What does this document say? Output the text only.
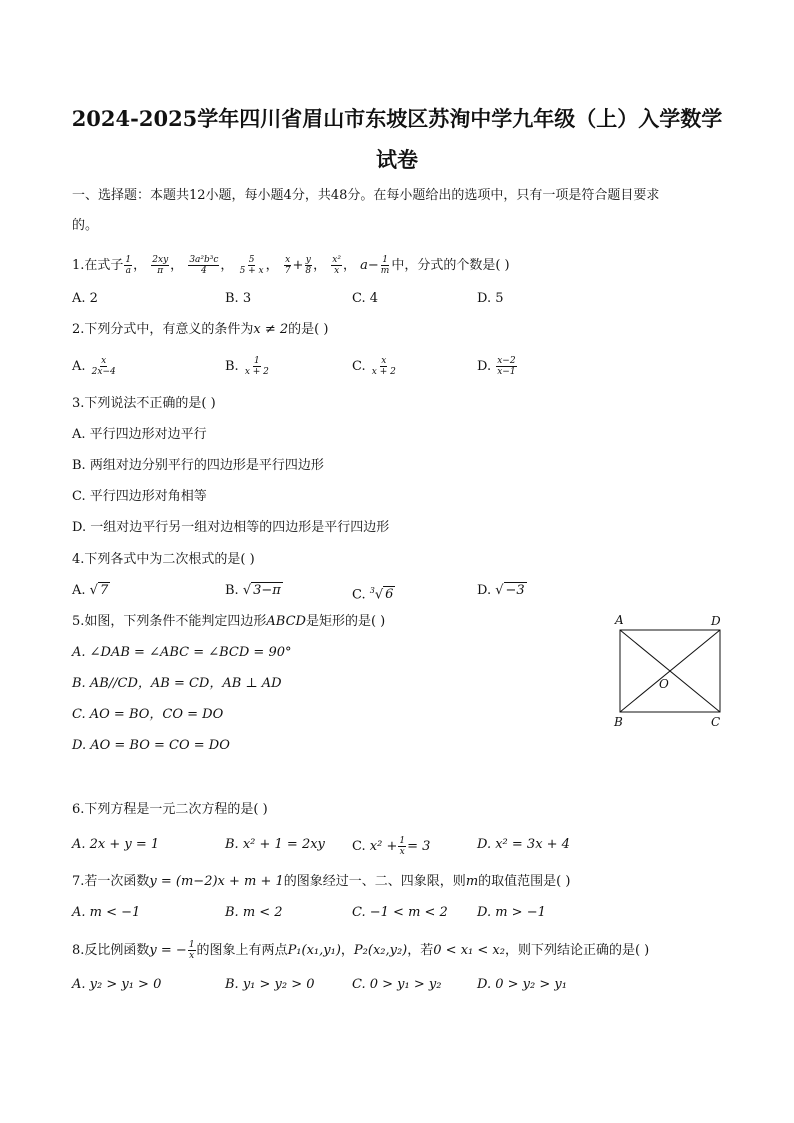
2024-2025学年四川省眉山市东坡区苏洵中学九年级（上）入学数学
试卷
一、选择题：本题共12小题，每小题4分，共48分。在每小题给出的选项中，只有一项是符合题目要求
的。
1.在式子 $\frac{1}{a}$ ， $\frac{2xy}{\pi}$ ， $\frac{\text{3a²b³c}}{4}$ ， $\frac{5}{5 + x}$ ， $\frac{x}{7} + \frac{y}{8}$ ， $\frac{\text{x²}}{x}$ ， $a- \frac{1}{m}$ 中，分式的个数是( )
A. 2	B. 3	C. 4	D. 5
2.下列分式中，有意义的条件为x ≠ 2的是( )
A. $\frac{x}{2x-4}$	B. $\frac{1}{x + 2}$	C. $\frac{x}{x + 2}$	D. $\frac{x-2}{x-1}$
3.下列说法不正确的是( )
A. 平行四边形对边平行
B. 两组对边分别平行的四边形是平行四边形
C. 平行四边形对角相等
D. 一组对边平行另一组对边相等的四边形是平行四边形
4.下列各式中为二次根式的是( )
A. √ 7	B. √ 3−π	C. $^3$√ 6	D. √ −3
5.如图，下列条件不能判定四边形ABCD是矩形的是( )
A. ∠DAB = ∠ABC = ∠BCD = 90°
B. AB//CD，AB = CD，AB ⊥ AD
C. AO = BO，CO = DO
D. AO = BO = CO = DO
A	D
O
B	C
6.下列方程是一元二次方程的是( )
A. 2x + y = 1	B. x² + 1 = 2xy C. $x^2 + \frac{1}{x} = 3$	D. x² = 3x + 4
7.若一次函数y = (m−2)x + m + 1的图象经过一、二、四象限，则m的取值范围是( )
A. m < −1	B. m < 2	C. −1 < m < 2 D. m > −1
8.反比例函数y = − $\frac{1}{x}$ 的图象上有两点P₁(x₁,y₁)，P₂(x₂,y₂)，若0 < x₁ < x₂，则下列结论正确的是( )
A. y₂ > y₁ > 0	B. y₁ > y₂ > 0	C. 0 > y₁ > y₂	D. 0 > y₂ > y₁
